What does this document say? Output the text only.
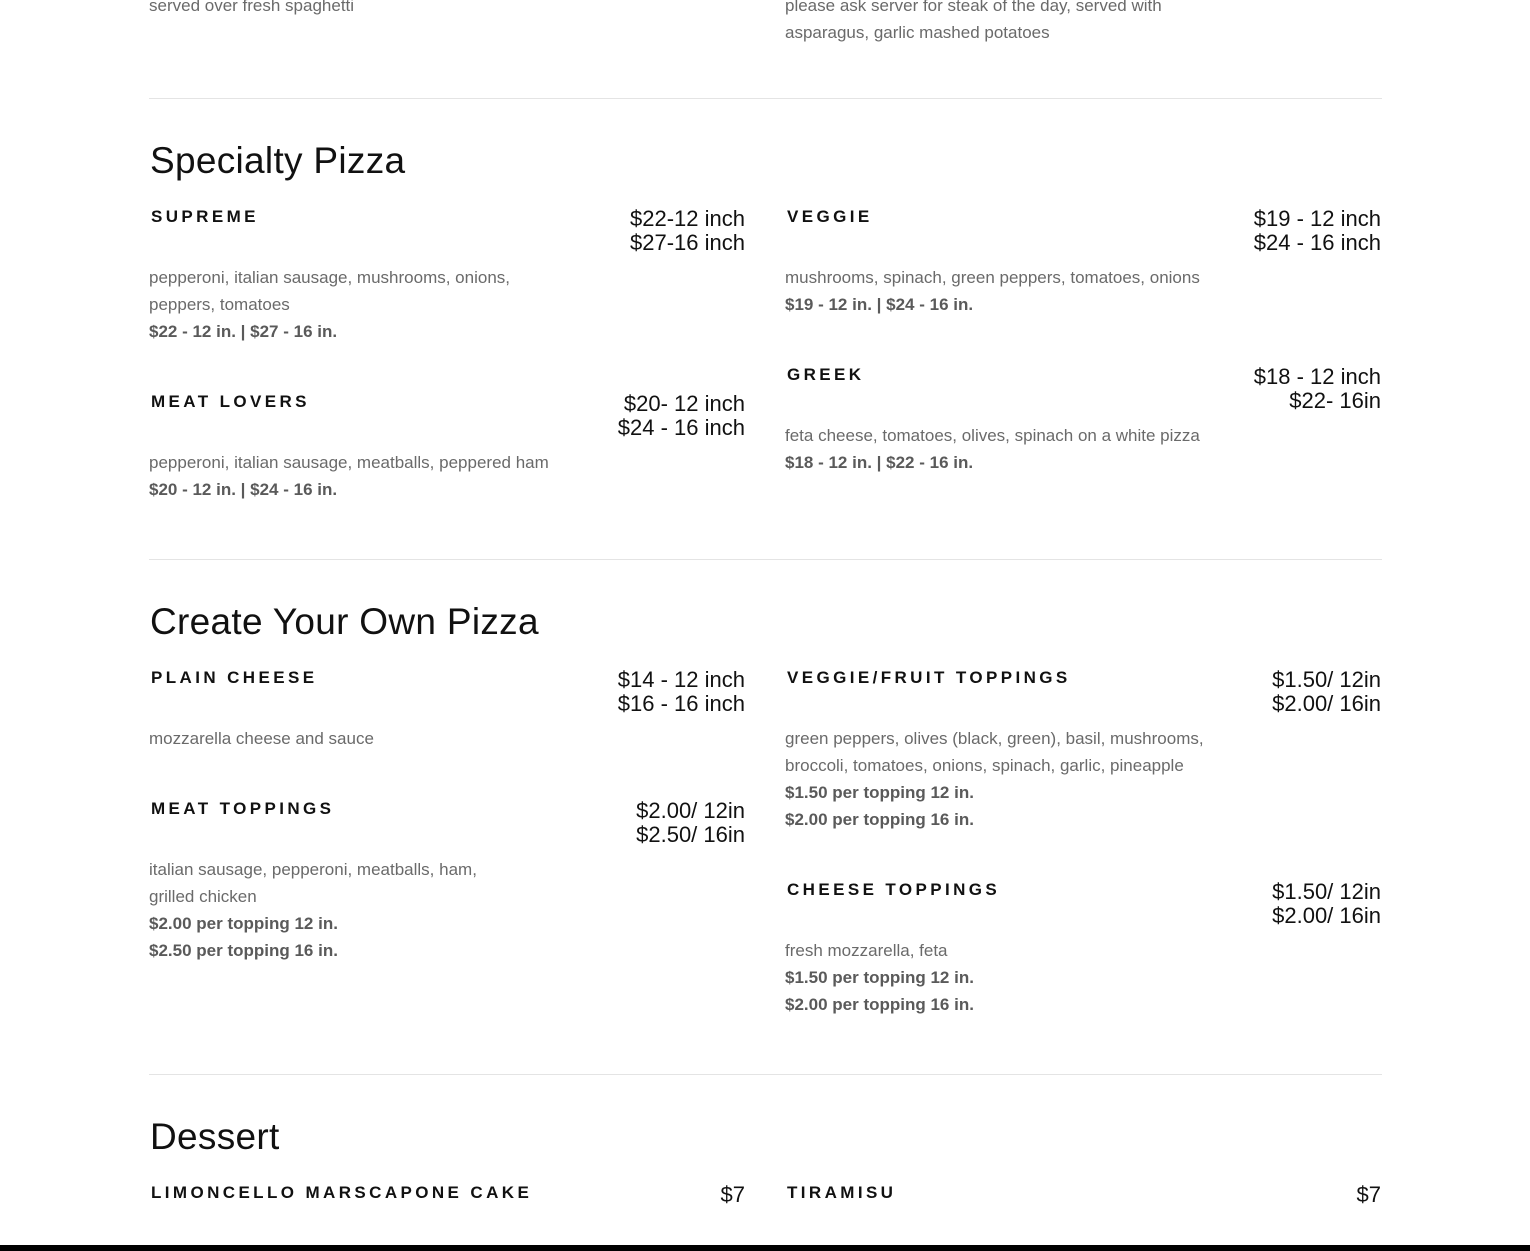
served over fresh spaghetti	please ask server for steak of the day, served with asparagus, garlic mashed potatoes
Specialty Pizza
SUPREME	$22-12 inch
$27-16 inch
pepperoni, italian sausage, mushrooms, onions, peppers, tomatoes
$22 - 12 in. | $27 - 16 in.
VEGGIE	$19 - 12 inch
$24 - 16 inch
mushrooms, spinach, green peppers, tomatoes, onions
$19 - 12 in. | $24 - 16 in.
MEAT LOVERS	$20- 12 inch
$24 - 16 inch
pepperoni, italian sausage, meatballs, peppered ham
$20 - 12 in. | $24 - 16 in.
GREEK	$18 - 12 inch
$22- 16in
feta cheese, tomatoes, olives, spinach on a white pizza
$18 - 12 in. | $22 - 16 in.
Create Your Own Pizza
PLAIN CHEESE	$14 - 12 inch
$16 - 16 inch
mozzarella cheese and sauce
VEGGIE/FRUIT TOPPINGS	$1.50/ 12in
$2.00/ 16in
green peppers, olives (black, green), basil, mushrooms, broccoli, tomatoes, onions, spinach, garlic, pineapple
$1.50 per topping 12 in.
$2.00 per topping 16 in.
MEAT TOPPINGS	$2.00/ 12in
$2.50/ 16in
italian sausage, pepperoni, meatballs, ham, grilled chicken
$2.00 per topping 12 in.
$2.50 per topping 16 in.
CHEESE TOPPINGS	$1.50/ 12in
$2.00/ 16in
fresh mozzarella, feta
$1.50 per topping 12 in.
$2.00 per topping 16 in.
Dessert
LIMONCELLO MARSCAPONE CAKE	$7 TIRAMISU	$7
